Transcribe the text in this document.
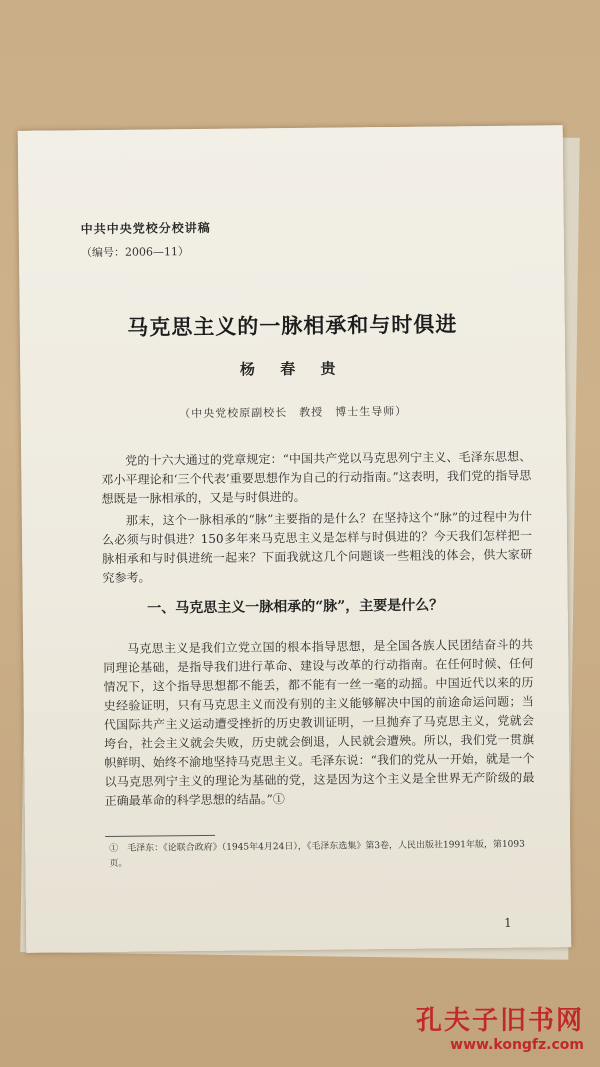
中共中央党校分校讲稿
（编号：2006—11）
马克思主义的一脉相承和与时俱进
杨 春 贵
（中央党校原副校长　教授　博士生导师）
党的十六大通过的党章规定：“中国共产党以马克思列宁主义、毛泽东思想、邓小平理论和‘三个代表’重要思想作为自己的行动指南。”这表明，我们党的指导思想既是一脉相承的，又是与时俱进的。
那末，这个一脉相承的“脉”主要指的是什么？在坚持这个“脉”的过程中为什么必须与时俱进？150多年来马克思主义是怎样与时俱进的？今天我们怎样把一脉相承和与时俱进统一起来？下面我就这几个问题谈一些粗浅的体会，供大家研究参考。
一、马克思主义一脉相承的“脉”，主要是什么？
马克思主义是我们立党立国的根本指导思想，是全国各族人民团结奋斗的共同理论基础，是指导我们进行革命、建设与改革的行动指南。在任何时候、任何情况下，这个指导思想都不能丢，都不能有一丝一毫的动摇。中国近代以来的历史经验证明，只有马克思主义而没有别的主义能够解决中国的前途命运问题；当代国际共产主义运动遭受挫折的历史教训证明，一旦抛弃了马克思主义，党就会垮台，社会主义就会失败，历史就会倒退，人民就会遭殃。所以，我们党一贯旗帜鲜明、始终不渝地坚持马克思主义。毛泽东说：“我们的党从一开始，就是一个以马克思列宁主义的理论为基础的党，这是因为这个主义是全世界无产阶级的最正确最革命的科学思想的结晶。”①
①　毛泽东：《论联合政府》（1945年4月24日），《毛泽东选集》第3卷，人民出版社1991年版，第1093页。
1
孔夫子旧书网
www.kongfz.com
